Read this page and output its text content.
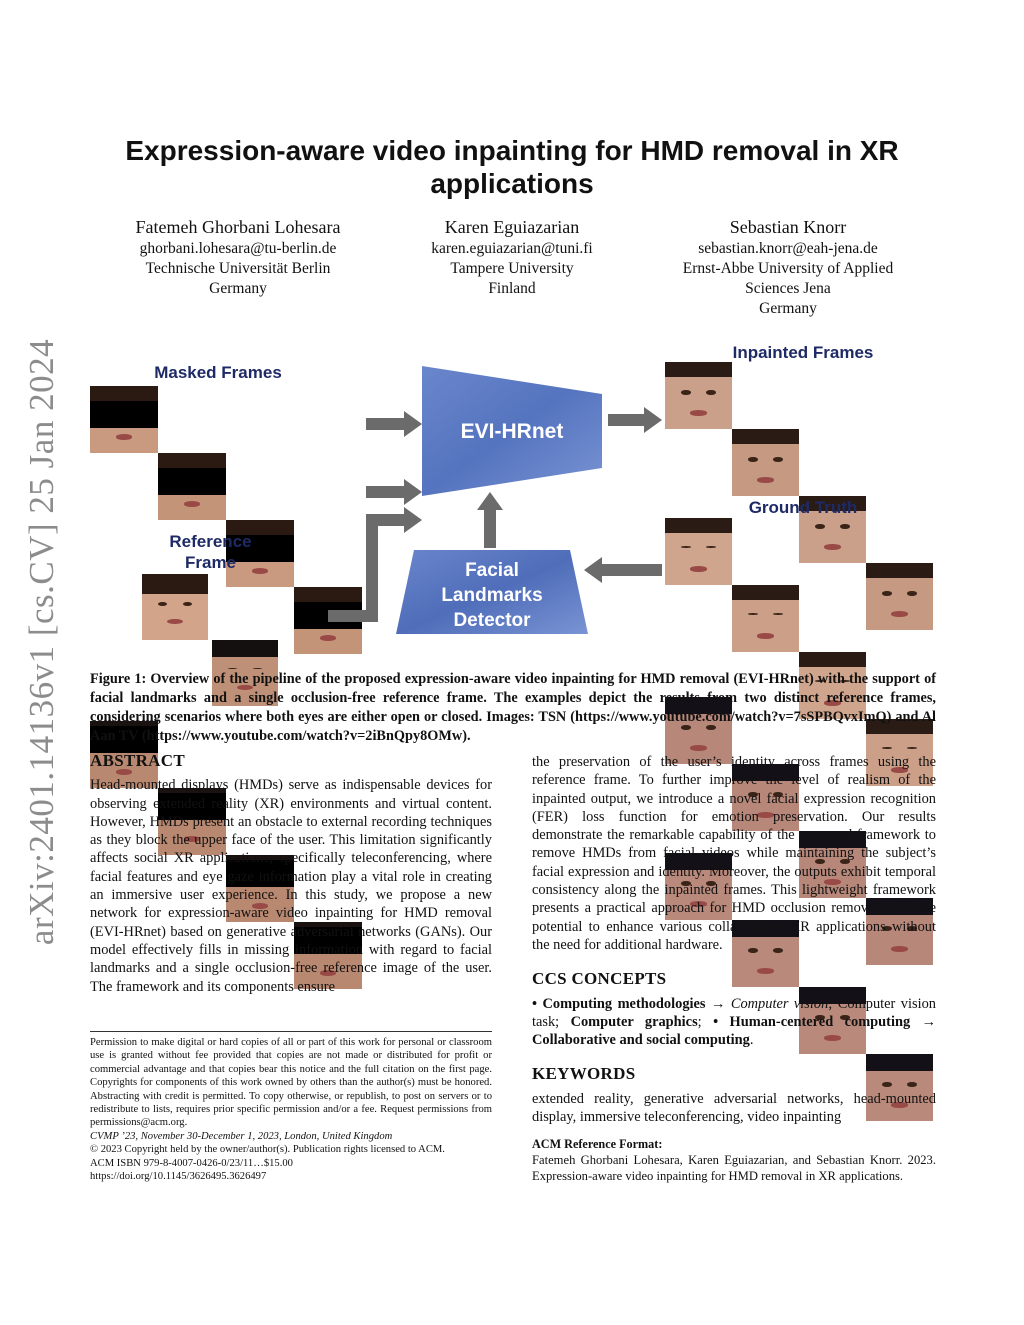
arXiv:2401.14136v1 [cs.CV] 25 Jan 2024
Expression-aware video inpainting for HMD removal in XR
applications
Fatemeh Ghorbani Lohesara
ghorbani.lohesara@tu-berlin.de
Technische Universität Berlin
Germany
Karen Eguiazarian
karen.eguiazarian@tuni.fi
Tampere University
Finland
Sebastian Knorr
sebastian.knorr@eah-jena.de
Ernst-Abbe University of Applied
Sciences Jena
Germany
Masked Frames
Reference
Frame
EVI-HRnet
Facial
Landmarks
Detector
Inpainted Frames
Ground Truth
Figure 1: Overview of the pipeline of the proposed expression-aware video inpainting for HMD removal (EVI-HRnet) with the support of facial landmarks and a single occlusion-free reference frame. The examples depict the results from two distinct reference frames, considering scenarios where both eyes are either open or closed. Images: TSN (https://www.youtube.com/watch?v=7sSPBQvxImQ) and Al Aan TV (https://www.youtube.com/watch?v=2iBnQpy8OMw).
ABSTRACT
Head-mounted displays (HMDs) serve as indispensable devices for observing extended reality (XR) environments and virtual content. However, HMDs present an obstacle to external recording techniques as they block the upper face of the user. This limitation significantly affects social XR applications, specifically teleconferencing, where facial features and eye gaze information play a vital role in creating an immersive user experience. In this study, we propose a new network for expression-aware video inpainting for HMD removal (EVI-HRnet) based on generative adversarial networks (GANs). Our model effectively fills in missing information with regard to facial landmarks and a single occlusion-free reference image of the user. The framework and its components ensure
Permission to make digital or hard copies of all or part of this work for personal or classroom use is granted without fee provided that copies are not made or distributed for profit or commercial advantage and that copies bear this notice and the full citation on the first page. Copyrights for components of this work owned by others than the author(s) must be honored. Abstracting with credit is permitted. To copy otherwise, or republish, to post on servers or to redistribute to lists, requires prior specific permission and/or a fee. Request permissions from permissions@acm.org.
CVMP ’23, November 30-December 1, 2023, London, United Kingdom
© 2023 Copyright held by the owner/author(s). Publication rights licensed to ACM.
ACM ISBN 979-8-4007-0426-0/23/11…$15.00
https://doi.org/10.1145/3626495.3626497
the preservation of the user’s identity across frames using the reference frame. To further improve the level of realism of the inpainted output, we introduce a novel facial expression recognition (FER) loss function for emotion preservation. Our results demonstrate the remarkable capability of the proposed framework to remove HMDs from facial videos while maintaining the subject’s facial expression and identity. Moreover, the outputs exhibit temporal consistency along the inpainted frames. This lightweight framework presents a practical approach for HMD occlusion removal, with the potential to enhance various collaborative XR applications without the need for additional hardware.
CCS CONCEPTS
• Computing methodologies → Computer vision; Computer vision task; Computer graphics; • Human-centered computing → Collaborative and social computing.
KEYWORDS
extended reality, generative adversarial networks, head-mounted display, immersive teleconferencing, video inpainting
ACM Reference Format:
Fatemeh Ghorbani Lohesara, Karen Eguiazarian, and Sebastian Knorr. 2023. Expression-aware video inpainting for HMD removal in XR applications.
